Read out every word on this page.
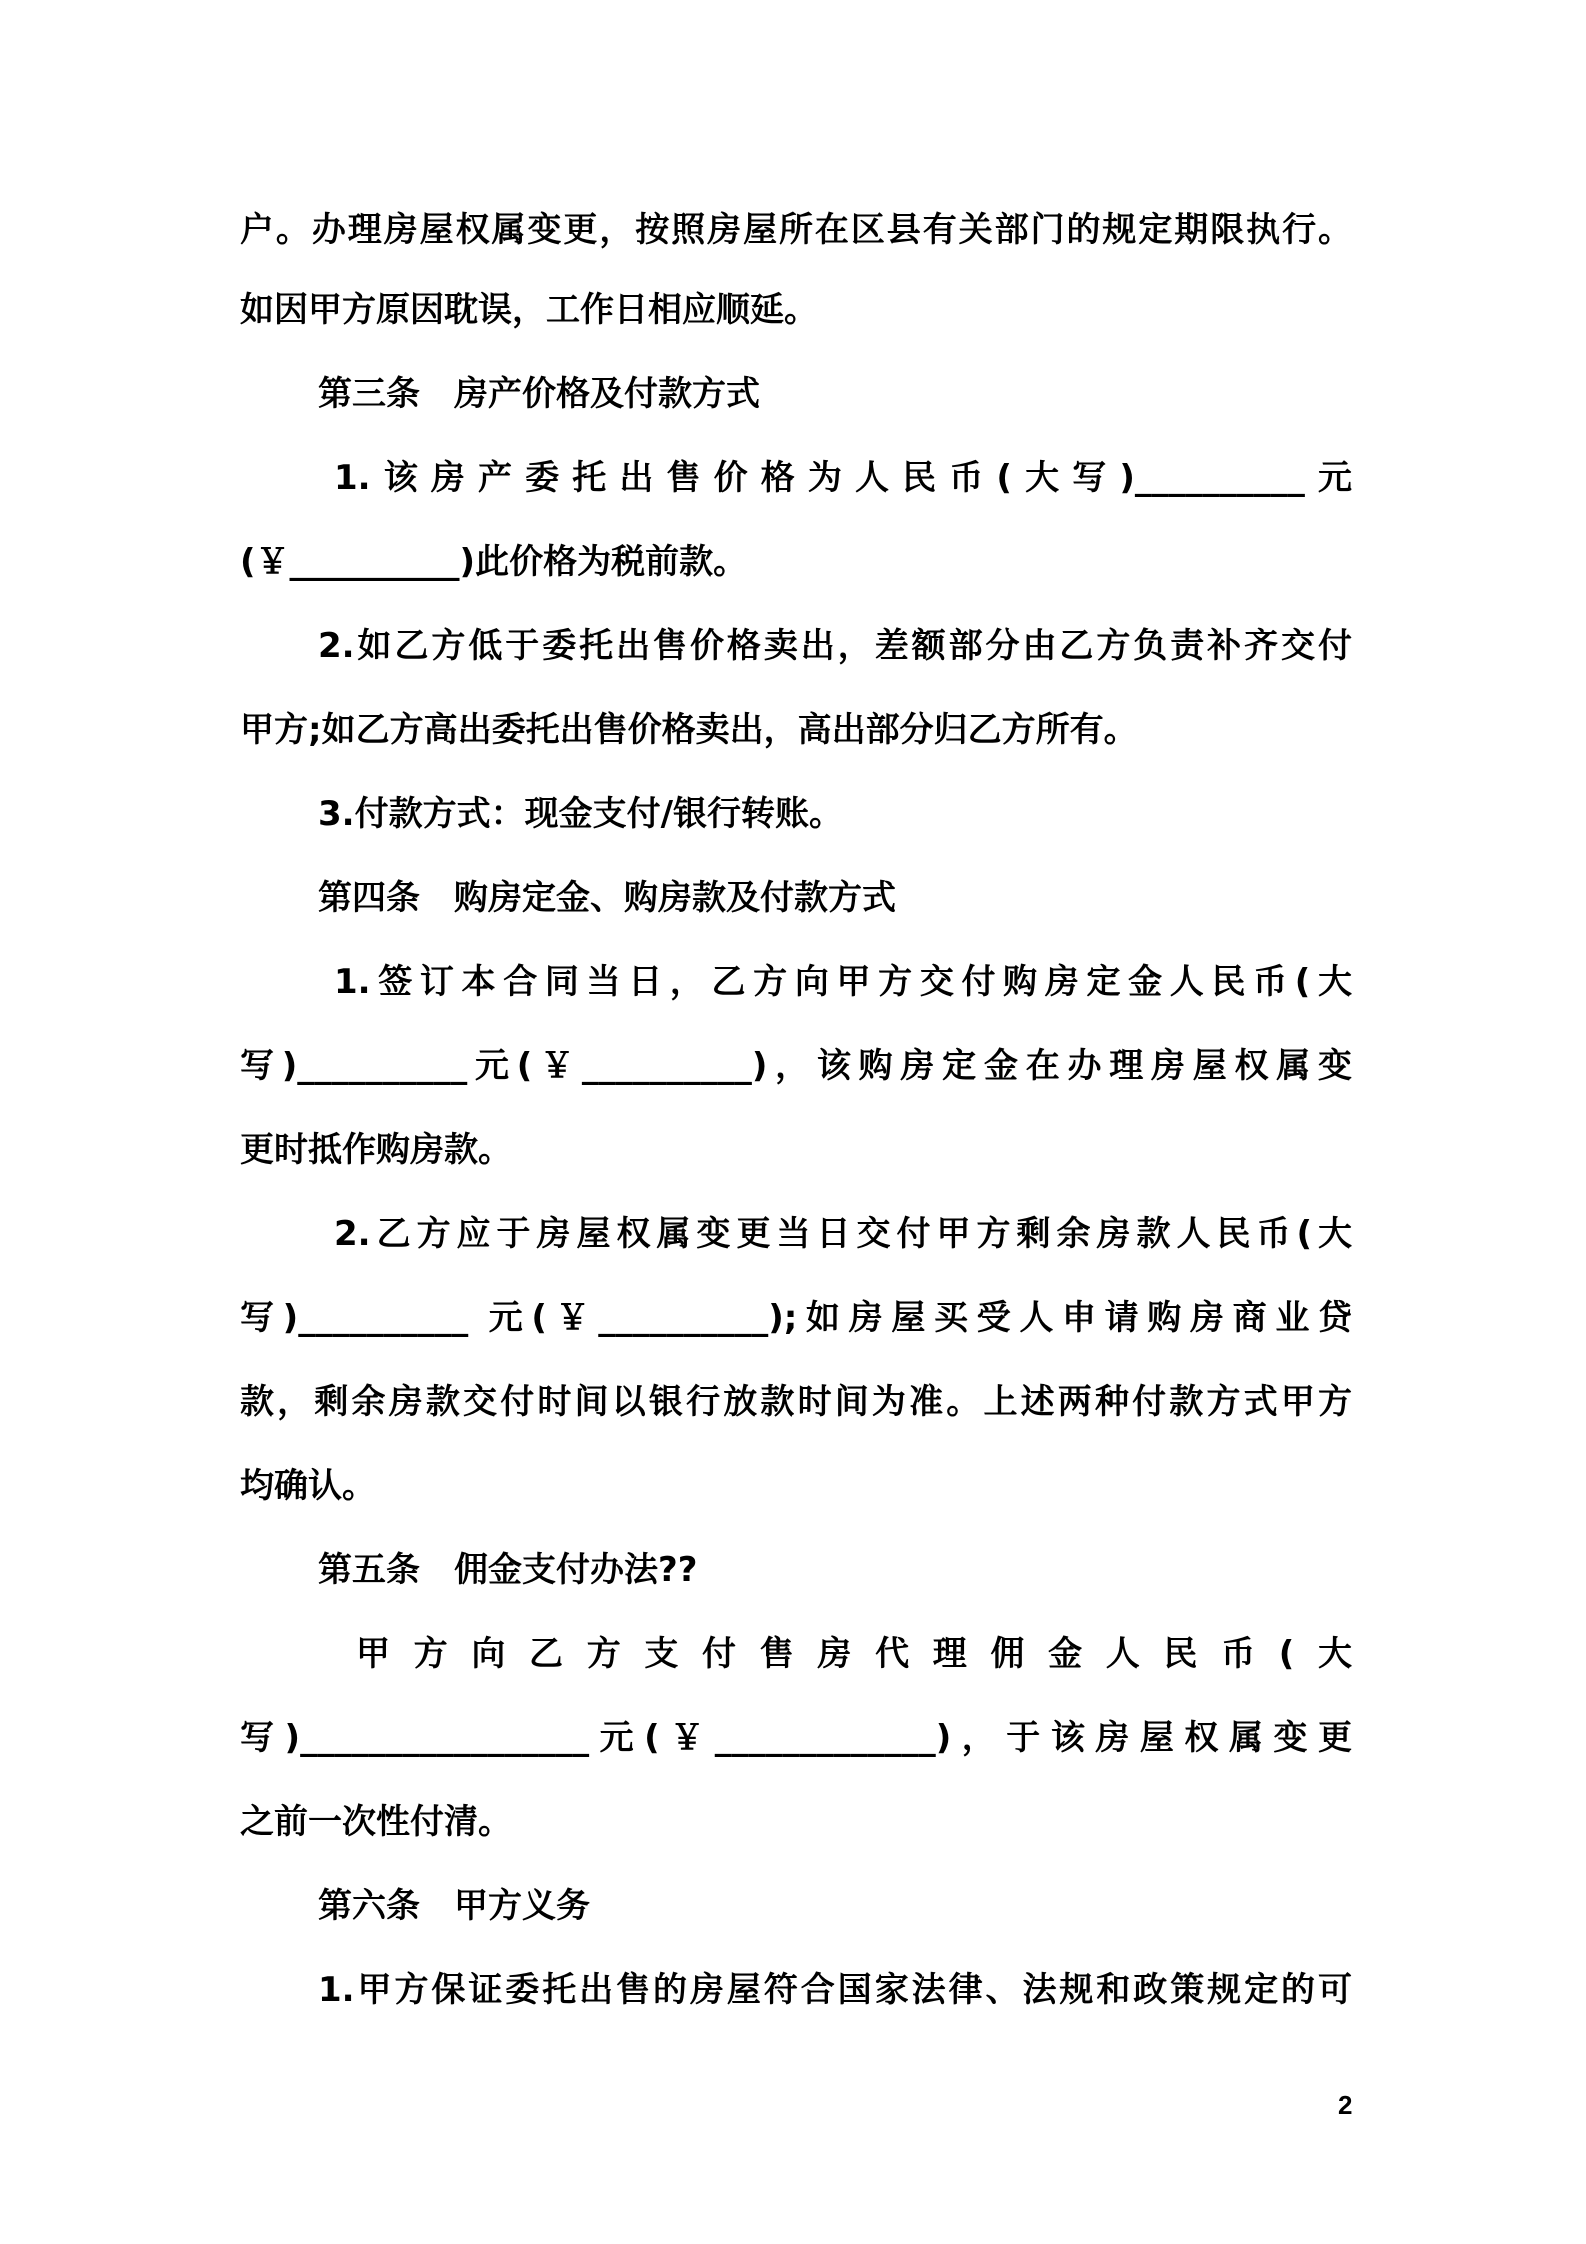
户。办理房屋权属变更，按照房屋所在区县有关部门的规定期限执行。
如因甲方原因耽误，工作日相应顺延。
第三条　房产价格及付款方式
1.该房产委托出售价格为人民币(大写)__________元
(￥__________)此价格为税前款。
2.如乙方低于委托出售价格卖出，差额部分由乙方负责补齐交付
甲方;如乙方高出委托出售价格卖出，高出部分归乙方所有。
3.付款方式：现金支付/银行转账。
第四条　购房定金、购房款及付款方式
1.签订本合同当日，乙方向甲方交付购房定金人民币(大
写)__________元(￥__________)，该购房定金在办理房屋权属变
更时抵作购房款。
2.乙方应于房屋权属变更当日交付甲方剩余房款人民币(大
写)__________ 元(￥__________);如房屋买受人申请购房商业贷
款，剩余房款交付时间以银行放款时间为准。上述两种付款方式甲方
均确认。
第五条　佣金支付办法??
甲方向乙方支付售房代理佣金人民币(大
写)_________________元(￥_____________)，于该房屋权属变更
之前一次性付清。
第六条　甲方义务
1.甲方保证委托出售的房屋符合国家法律、法规和政策规定的可
2
